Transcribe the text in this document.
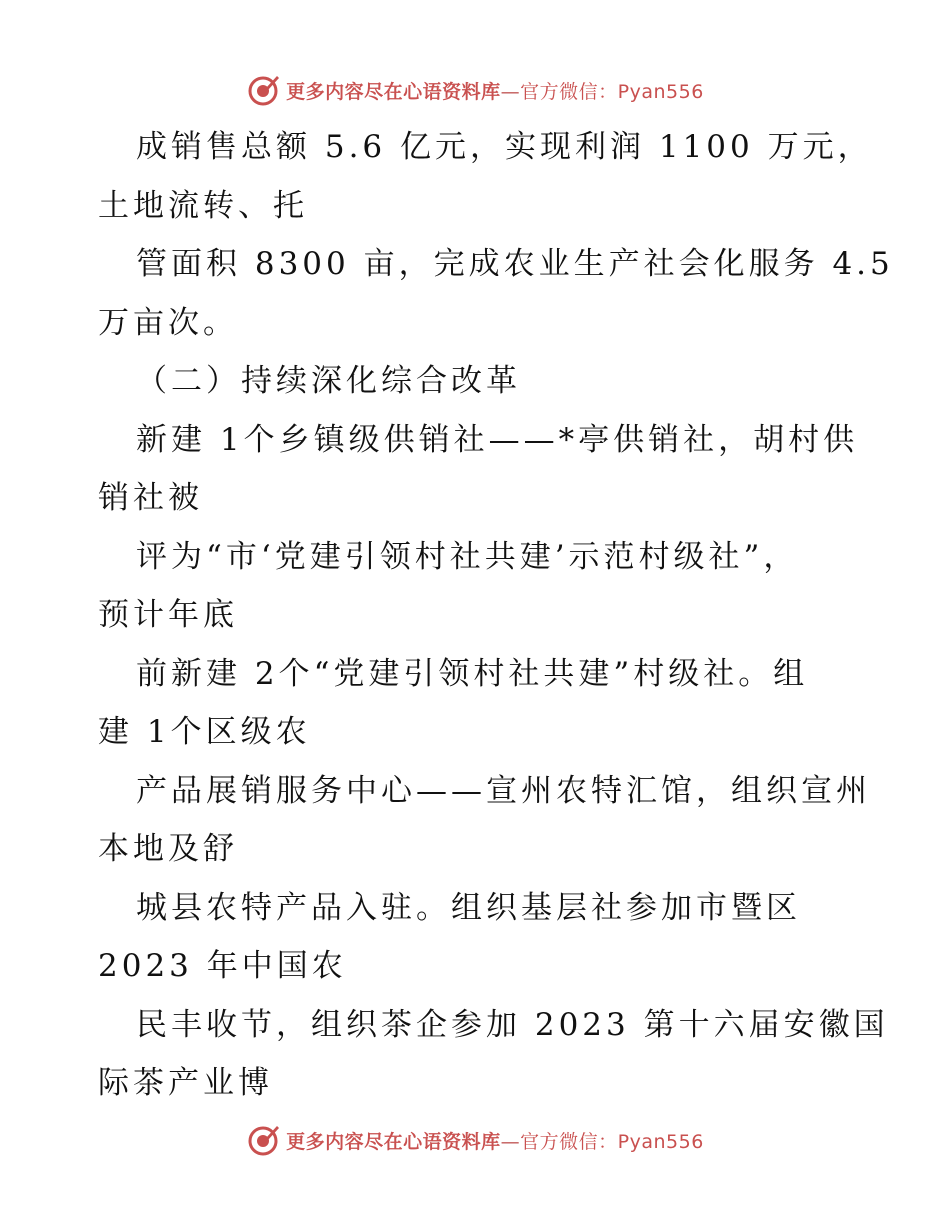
更多内容尽在心语资料库—官方微信：Pyan556
成销售总额 5.6 亿元，实现利润 1100 万元，
土地流转、托
管面积 8300 亩，完成农业生产社会化服务 4.5
万亩次。
（二）持续深化综合改革
新建 1个乡镇级供销社——*亭供销社，胡村供
销社被
评为“市‘党建引领村社共建’示范村级社”，
预计年底
前新建 2个“党建引领村社共建”村级社。组
建 1个区级农
产品展销服务中心——宣州农特汇馆，组织宣州
本地及舒
城县农特产品入驻。组织基层社参加市暨区
2023 年中国农
民丰收节，组织茶企参加 2023 第十六届安徽国
际茶产业博
更多内容尽在心语资料库—官方微信：Pyan556
